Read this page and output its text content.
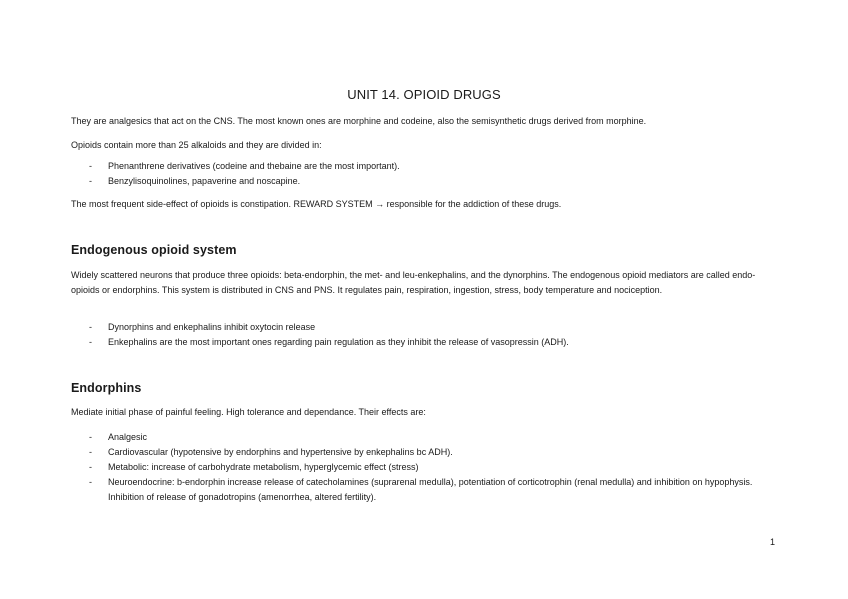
UNIT 14. OPIOID DRUGS

They are analgesics that act on the CNS. The most known ones are morphine and codeine, also the semisynthetic drugs derived from morphine.

Opioids contain more than 25 alkaloids and they are divided in:

- Phenanthrene derivatives (codeine and thebaine are the most important).
- Benzylisoquinolines, papaverine and noscapine.

The most frequent side-effect of opioids is constipation. REWARD SYSTEM → responsible for the addiction of these drugs.

Endogenous opioid system

Widely scattered neurons that produce three opioids: beta-endorphin, the met- and leu-enkephalins, and the dynorphins. The endogenous opioid mediators are called endo-opioids or endorphins. This system is distributed in CNS and PNS. It regulates pain, respiration, ingestion, stress, body temperature and nociception.

- Dynorphins and enkephalins inhibit oxytocin release
- Enkephalins are the most important ones regarding pain regulation as they inhibit the release of vasopressin (ADH).
Endorphins

Mediate initial phase of painful feeling. High tolerance and dependance. Their effects are:

- Analgesic
- Cardiovascular (hypotensive by endorphins and hypertensive by enkephalins bc ADH).
- Metabolic: increase of carbohydrate metabolism, hyperglycemic effect (stress)
- Neuroendocrine: b-endorphin increase release of catecholamines (suprarenal medulla), potentiation of corticotrophin (renal medulla) and inhibition on hypophysis. Inhibition of release of gonadotropins (amenorrhea, altered fertility).
1
